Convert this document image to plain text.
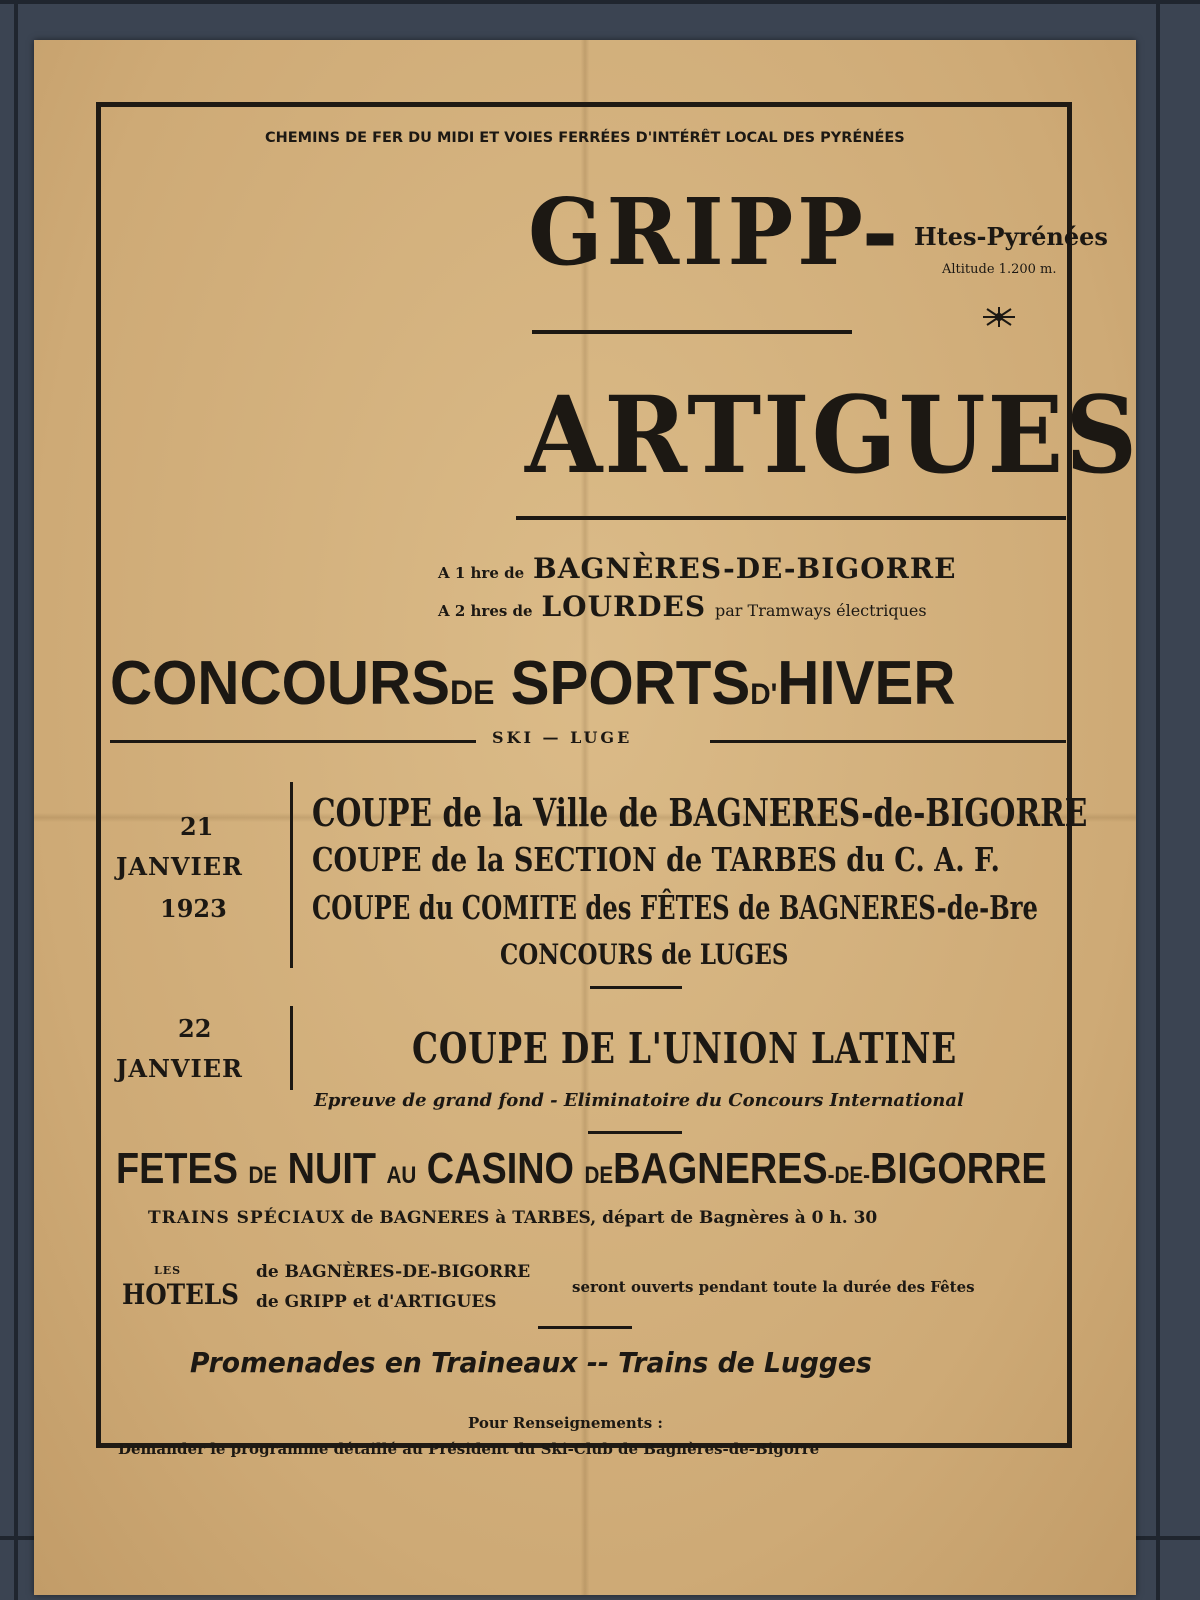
CHEMINS DE FER DU MIDI ET VOIES FERRÉES D'INTÉRÊT LOCAL DES PYRÉNÉES
GRIPP-
ARTIGUES
Htes-Pyrénées
Altitude 1.200 m.
A 1 hre de BAGNÈRES-DE-BIGORRE
A 2 hres de LOURDES par Tramways électriques
CONCOURSDE SPORTSD'HIVER
SKI — LUGE
21
JANVIER
1923
COUPE de la Ville de BAGNERES-de-BIGORRE
COUPE de la SECTION de TARBES du C. A. F.
COUPE du COMITE des FÊTES de BAGNERES-de-Bre
CONCOURS de LUGES
22
JANVIER	COUPE DE L'UNION LATINE
Epreuve de grand fond - Eliminatoire du Concours International
FETES DE NUIT AU CASINO DEBAGNERES-DE-BIGORRE
TRAINS SPÉCIAUX de BAGNERES à TARBES, départ de Bagnères à 0 h. 30
LES
HOTELS
de BAGNÈRES-DE-BIGORRE
de GRIPP et d'ARTIGUES
seront ouverts pendant toute la durée des Fêtes
Promenades en Traineaux -- Trains de Lugges
Pour Renseignements :
Demander le programme détaillé au Président du Ski-Club de Bagnères-de-Bigorre
